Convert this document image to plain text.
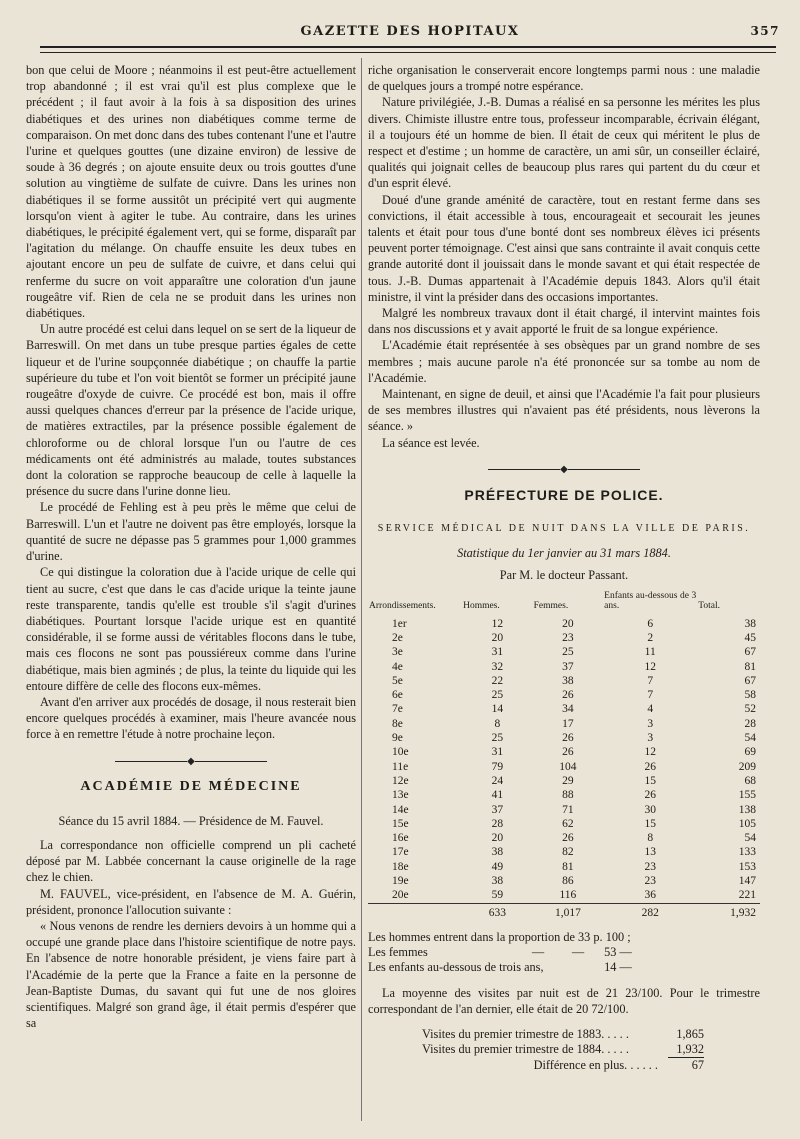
GAZETTE DES HOPITAUX	357

bon que celui de Moore ; néanmoins il est peut-être actuellement trop abandonné ; il est vrai qu'il est plus complexe que le précédent ; il faut avoir à la fois à sa disposition des urines diabétiques et des urines non diabétiques comme terme de comparaison. On met donc dans des tubes contenant l'une et l'autre l'urine et quelques gouttes (une dizaine environ) de lessive de soude à 36 degrés ; on ajoute ensuite deux ou trois gouttes d'une solution au vingtième de sulfate de cuivre. Dans les urines non diabétiques il se forme aussitôt un précipité vert qui augmente lorsqu'on vient à agiter le tube. Au contraire, dans les urines diabétiques, le précipité également vert, qui se forme, disparaît par l'agitation du mélange. On chauffe ensuite les deux tubes en ajoutant encore un peu de sulfate de cuivre, et dans celui qui renferme du sucre on voit apparaître une coloration d'un jaune rougeâtre vif. Rien de cela ne se produit dans les urines non diabétiques.

Un autre procédé est celui dans lequel on se sert de la liqueur de Barreswill. On met dans un tube presque parties égales de cette liqueur et de l'urine soupçonnée diabétique ; on chauffe la partie supérieure du tube et l'on voit bientôt se former un précipité jaune rougeâtre d'oxyde de cuivre. Ce procédé est bon, mais il offre aussi quelques chances d'erreur par la présence de l'acide urique, de matières extractiles, par la présence possible également de chloroforme ou de chloral lorsque l'un ou l'autre de ces médicaments ont été administrés au malade, toutes substances dont la coloration se rapproche beaucoup de celle à laquelle la présence du sucre dans l'urine donne lieu.

Le procédé de Fehling est à peu près le même que celui de Barreswill. L'un et l'autre ne doivent pas être employés, lorsque la quantité de sucre ne dépasse pas 5 grammes pour 1,000 grammes d'urine.

Ce qui distingue la coloration due à l'acide urique de celle qui tient au sucre, c'est que dans le cas d'acide urique la teinte jaune reste transparente, tandis qu'elle est trouble s'il s'agit d'urines diabétiques. Pourtant lorsque l'acide urique est en quantité considérable, il se forme aussi de véritables flocons dans le tube, mais ces flocons ne sont pas poussiéreux comme dans l'urine diabétique, mais bien agminés ; de plus, la teinte du liquide qui les entoure diffère de celle des flocons eux-mêmes.

Avant d'en arriver aux procédés de dosage, il nous resterait bien encore quelques procédés à examiner, mais l'heure avancée nous force à en remettre l'étude à notre prochaine leçon.

◆
ACADÉMIE DE MÉDECINE

Séance du 15 avril 1884. — Présidence de M. Fauvel.

La correspondance non officielle comprend un pli cacheté déposé par M. Labbée concernant la cause originelle de la rage chez le chien.

M. FAUVEL, vice-président, en l'absence de M. A. Guérin, président, prononce l'allocution suivante :

« Nous venons de rendre les derniers devoirs à un homme qui a occupé une grande place dans l'histoire scientifique de notre pays. En l'absence de notre honorable président, je viens faire part à l'Académie de la perte que la France a faite en la personne de Jean-Baptiste Dumas, du savant qui fut une de nos gloires scientifiques. Malgré son grand âge, il était permis d'espérer que sa

riche organisation le conserverait encore longtemps parmi nous : une maladie de quelques jours a trompé notre espérance.

Nature privilégiée, J.-B. Dumas a réalisé en sa personne les mérites les plus divers. Chimiste illustre entre tous, professeur incomparable, écrivain élégant, il a toujours été un homme de bien. Il était de ceux qui méritent le plus de respect et d'estime ; un homme de caractère, un ami sûr, un conseiller éclairé, qualités qui joignait celles de beaucoup plus rares qui partent du du cœur et d'un esprit élevé.

Doué d'une grande aménité de caractère, tout en restant ferme dans ses convictions, il était accessible à tous, encourageait et secourait les jeunes talents et était pour tous d'une bonté dont ses nombreux élèves ici présents peuvent porter témoignage. C'est ainsi que sans contrainte il avait conquis cette grande autorité dont il jouissait dans le monde savant et qui était respectée de tous. J.-B. Dumas appartenait à l'Académie depuis 1843. Alors qu'il était ministre, il vint la présider dans des occasions importantes.

Malgré les nombreux travaux dont il était chargé, il intervint maintes fois dans nos discussions et y avait apporté le fruit de sa longue expérience.

L'Académie était représentée à ses obsèques par un grand nombre de ses membres ; mais aucune parole n'a été prononcée sur sa tombe au nom de l'Académie.

Maintenant, en signe de deuil, et ainsi que l'Académie l'a fait pour plusieurs de ses membres illustres qui n'avaient pas été présidents, nous lèverons la séance. »

La séance est levée.

◆
PRÉFECTURE DE POLICE.
SERVICE MÉDICAL DE NUIT DANS LA VILLE DE PARIS.
Statistique du 1er janvier au 31 mars 1884.
Par M. le docteur Passant.
Arrondissements.	Hommes.	Femmes.	Enfants au-dessous de 3 ans.	Total.
1er	12	20	6	38
2e	20	23	2	45
3e	31	25	11	67
4e	32	37	12	81
5e	22	38	7	67
6e	25	26	7	58
7e	14	34	4	52
8e	8	17	3	28
9e	25	26	3	54
10e	31	26	12	69
11e	79	104	26	209
12e	24	29	15	68
13e	41	88	26	155
14e	37	71	30	138
15e	28	62	15	105
16e	20	26	8	54
17e	38	82	13	133
18e	49	81	23	153
19e	38	86	23	147
20e	59	116	36	221
	633	1,017	282	1,932
Les hommes entrent dans la proportion de 33 p. 100 ;
Les femmes	—	—	53 —
Les enfants au-dessous de trois ans,	14 —

La moyenne des visites par nuit est de 21 23/100. Pour le trimestre correspondant de l'an dernier, elle était de 20 72/100.

Visites du premier trimestre de 1883. . . . .	1,865
Visites du premier trimestre de 1884. . . . .	1,932
Différence en plus. . . . . .	67
